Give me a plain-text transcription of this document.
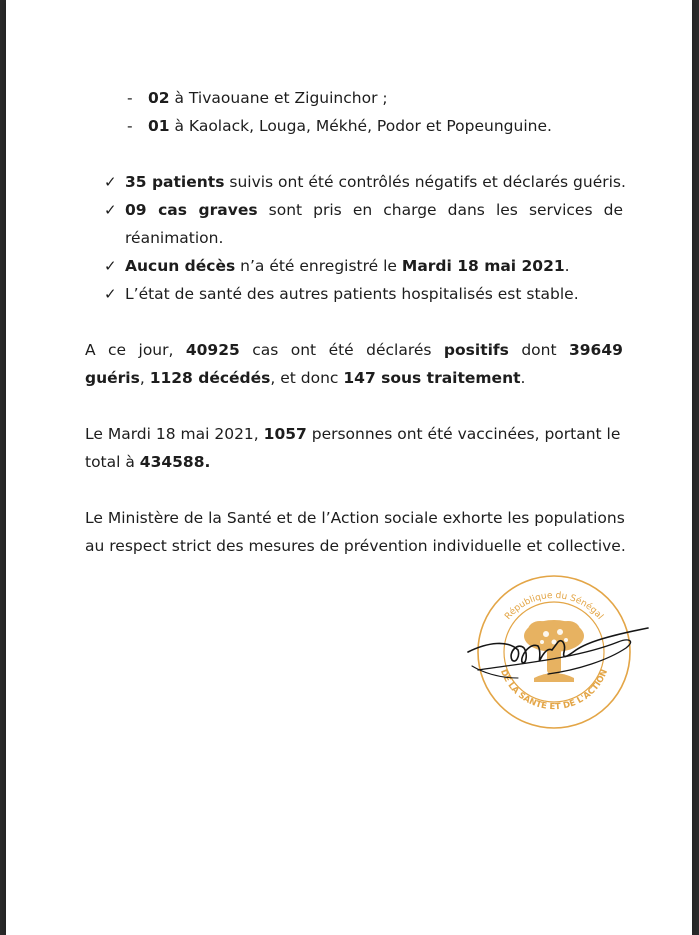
- 02 à Tivaouane et Ziguinchor ;
- 01 à Kaolack, Louga, Mékhé, Podor et Popeunguine.
✓ 35 patients suivis ont été contrôlés négatifs et déclarés guéris.
✓ 09 cas graves sont pris en charge dans les services de
réanimation.
✓ Aucun décès n’a été enregistré le Mardi 18 mai 2021.
✓ L’état de santé des autres patients hospitalisés est stable.
A ce jour, 40925 cas ont été déclarés positifs dont 39649
guéris, 1128 décédés, et donc 147 sous traitement.
Le Mardi 18 mai 2021, 1057 personnes ont été vaccinées, portant le
total à 434588.
Le Ministère de la Santé et de l’Action sociale exhorte les populations
au respect strict des mesures de prévention individuelle et collective.
République du Sénégal
DE LA SANTÉ ET DE L'ACTION
